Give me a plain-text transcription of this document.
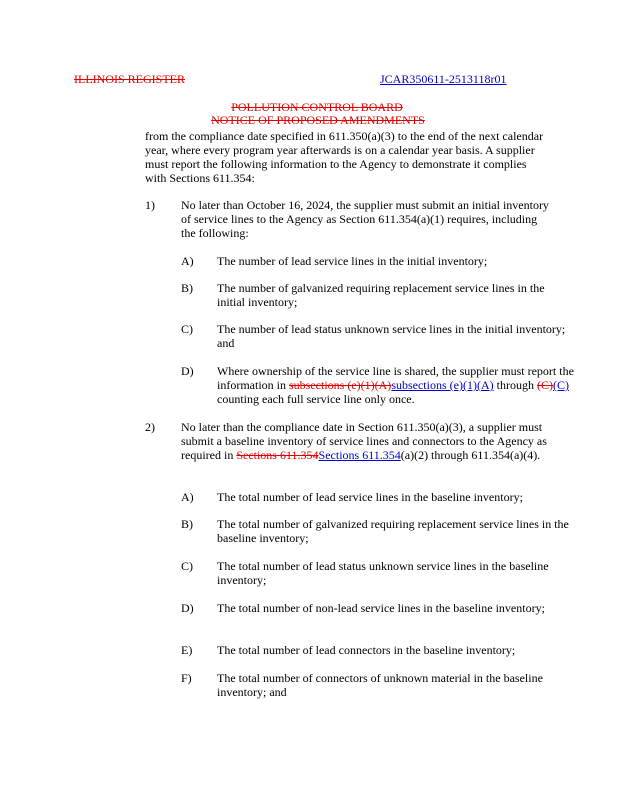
ILLINOIS REGISTER	JCAR350611-2513118r01
POLLUTION CONTROL BOARD
NOTICE OF PROPOSED AMENDMENTS
from the compliance date specified in 611.350(a)(3) to the end of the next calendar year, where every program year afterwards is on a calendar year basis. A supplier must report the following information to the Agency to demonstrate it complies with Sections 611.354:
1) No later than October 16, 2024, the supplier must submit an initial inventory of service lines to the Agency as Section 611.354(a)(1) requires, including the following:
A) The number of lead service lines in the initial inventory;
B) The number of galvanized requiring replacement service lines in the initial inventory;
C) The number of lead status unknown service lines in the initial inventory; and
D) Where ownership of the service line is shared, the supplier must report the information in subsections (e)(1)(A)subsections (e)(1)(A) through (C)(C) counting each full service line only once.
2) No later than the compliance date in Section 611.350(a)(3), a supplier must submit a baseline inventory of service lines and connectors to the Agency as required in Sections 611.354Sections 611.354(a)(2) through 611.354(a)(4).
A) The total number of lead service lines in the baseline inventory;
B) The total number of galvanized requiring replacement service lines in the baseline inventory;
C) The total number of lead status unknown service lines in the baseline inventory;
D) The total number of non-lead service lines in the baseline inventory;
E) The total number of lead connectors in the baseline inventory;
F) The total number of connectors of unknown material in the baseline inventory; and
